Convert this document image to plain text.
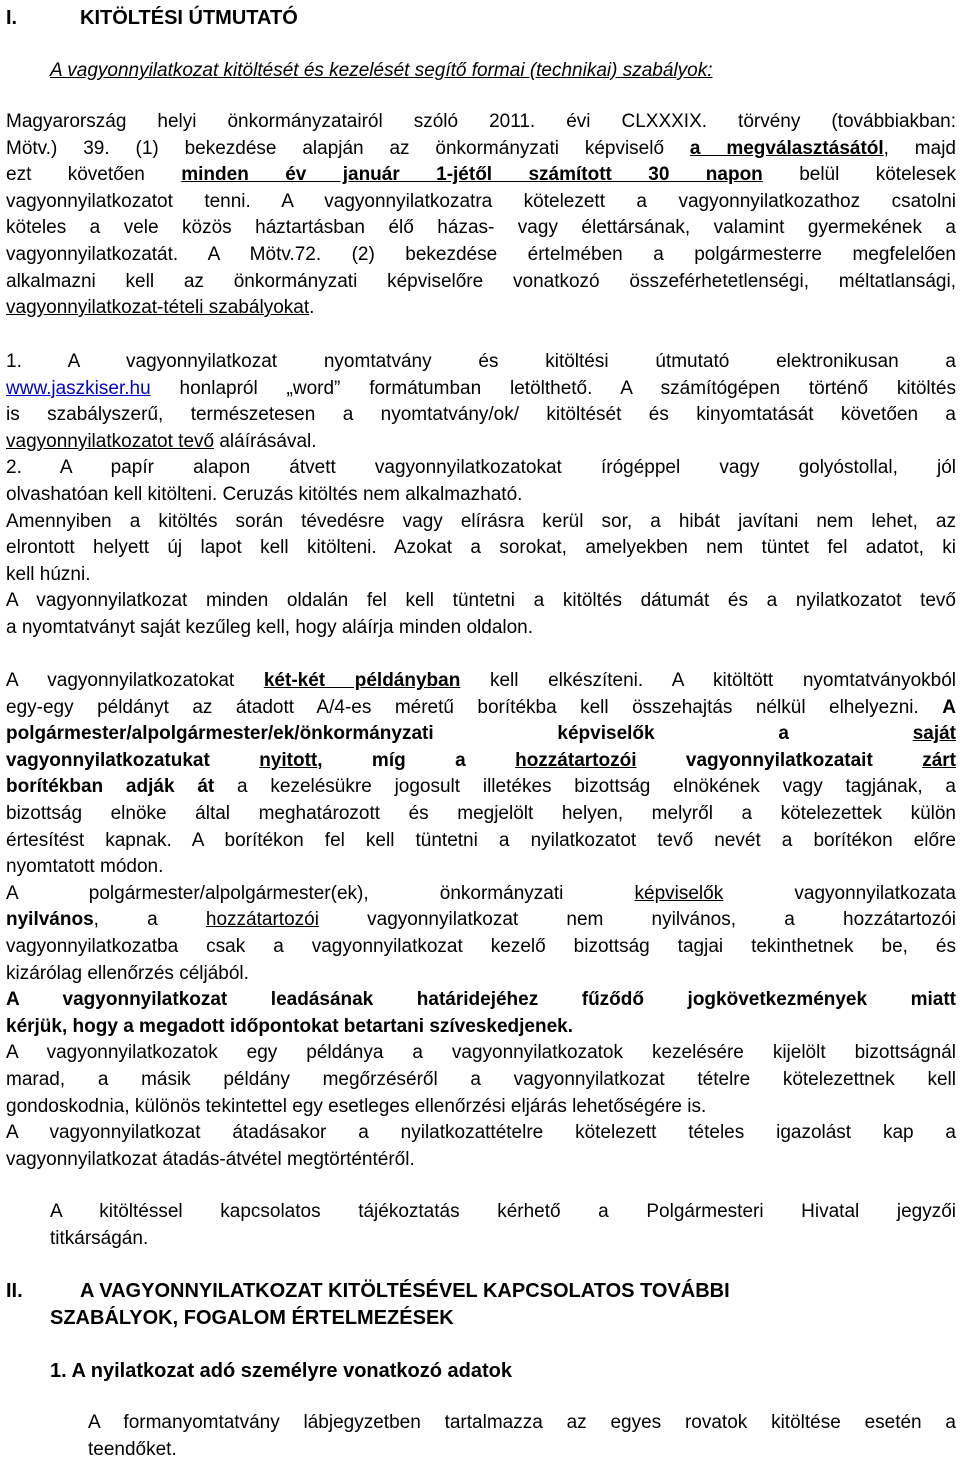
I.	KITÖLTÉSI ÚTMUTATÓ
A vagyonnyilatkozat kitöltését és kezelését segítő formai (technikai) szabályok:
Magyarország helyi önkormányzatairól szóló 2011. évi CLXXXIX. törvény (továbbiakban:
Mötv.) 39. (1) bekezdése alapján az önkormányzati képviselő a megválasztásától, majd
ezt követően minden év január 1-jétől számított 30 napon belül kötelesek
vagyonnyilatkozatot tenni. A vagyonnyilatkozatra kötelezett a vagyonnyilatkozathoz csatolni
köteles a vele közös háztartásban élő házas- vagy élettársának, valamint gyermekének a
vagyonnyilatkozatát. A Mötv.72. (2) bekezdése értelmében a polgármesterre megfelelően
alkalmazni kell az önkormányzati képviselőre vonatkozó összeférhetetlenségi, méltatlansági,
vagyonnyilatkozat-tételi szabályokat.
1. A vagyonnyilatkozat nyomtatvány és kitöltési útmutató elektronikusan a
www.jaszkiser.hu honlapról „word” formátumban letölthető. A számítógépen történő kitöltés
is szabályszerű, természetesen a nyomtatvány/ok/ kitöltését és kinyomtatását követően a
vagyonnyilatkozatot tevő aláírásával.
2. A papír alapon átvett vagyonnyilatkozatokat írógéppel vagy golyóstollal, jól
olvashatóan kell kitölteni. Ceruzás kitöltés nem alkalmazható.
Amennyiben a kitöltés során tévedésre vagy elírásra kerül sor, a hibát javítani nem lehet, az
elrontott helyett új lapot kell kitölteni. Azokat a sorokat, amelyekben nem tüntet fel adatot, ki
kell húzni.
A vagyonnyilatkozat minden oldalán fel kell tüntetni a kitöltés dátumát és a nyilatkozatot tevő
a nyomtatványt saját kezűleg kell, hogy aláírja minden oldalon.
A vagyonnyilatkozatokat két-két példányban kell elkészíteni. A kitöltött nyomtatványokból
egy-egy példányt az átadott A/4-es méretű borítékba kell összehajtás nélkül elhelyezni. A
polgármester/alpolgármester/ek/önkormányzati képviselők a saját
vagyonnyilatkozatukat nyitott, míg a hozzátartozói vagyonnyilatkozatait zárt
borítékban adják át a kezelésükre jogosult illetékes bizottság elnökének vagy tagjának, a
bizottság elnöke által meghatározott és megjelölt helyen, melyről a kötelezettek külön
értesítést kapnak. A borítékon fel kell tüntetni a nyilatkozatot tevő nevét a borítékon előre
nyomtatott módon.
A polgármester/alpolgármester(ek), önkormányzati képviselők vagyonnyilatkozata
nyilvános, a hozzátartozói vagyonnyilatkozat nem nyilvános, a hozzátartozói
vagyonnyilatkozatba csak a vagyonnyilatkozat kezelő bizottság tagjai tekinthetnek be, és
kizárólag ellenőrzés céljából.
A vagyonnyilatkozat leadásának határidejéhez fűződő jogkövetkezmények miatt
kérjük, hogy a megadott időpontokat betartani szíveskedjenek.
A vagyonnyilatkozatok egy példánya a vagyonnyilatkozatok kezelésére kijelölt bizottságnál
marad, a másik példány megőrzéséről a vagyonnyilatkozat tételre kötelezettnek kell
gondoskodnia, különös tekintettel egy esetleges ellenőrzési eljárás lehetőségére is.
A vagyonnyilatkozat átadásakor a nyilatkozattételre kötelezett tételes igazolást kap a
vagyonnyilatkozat átadás-átvétel megtörténtéről.
A kitöltéssel kapcsolatos tájékoztatás kérhető a Polgármesteri Hivatal jegyzői
titkárságán.
II.	A VAGYONNYILATKOZAT KITÖLTÉSÉVEL KAPCSOLATOS TOVÁBBI
SZABÁLYOK, FOGALOM ÉRTELMEZÉSEK
1. A nyilatkozat adó személyre vonatkozó adatok
A formanyomtatvány lábjegyzetben tartalmazza az egyes rovatok kitöltése esetén a
teendőket.
